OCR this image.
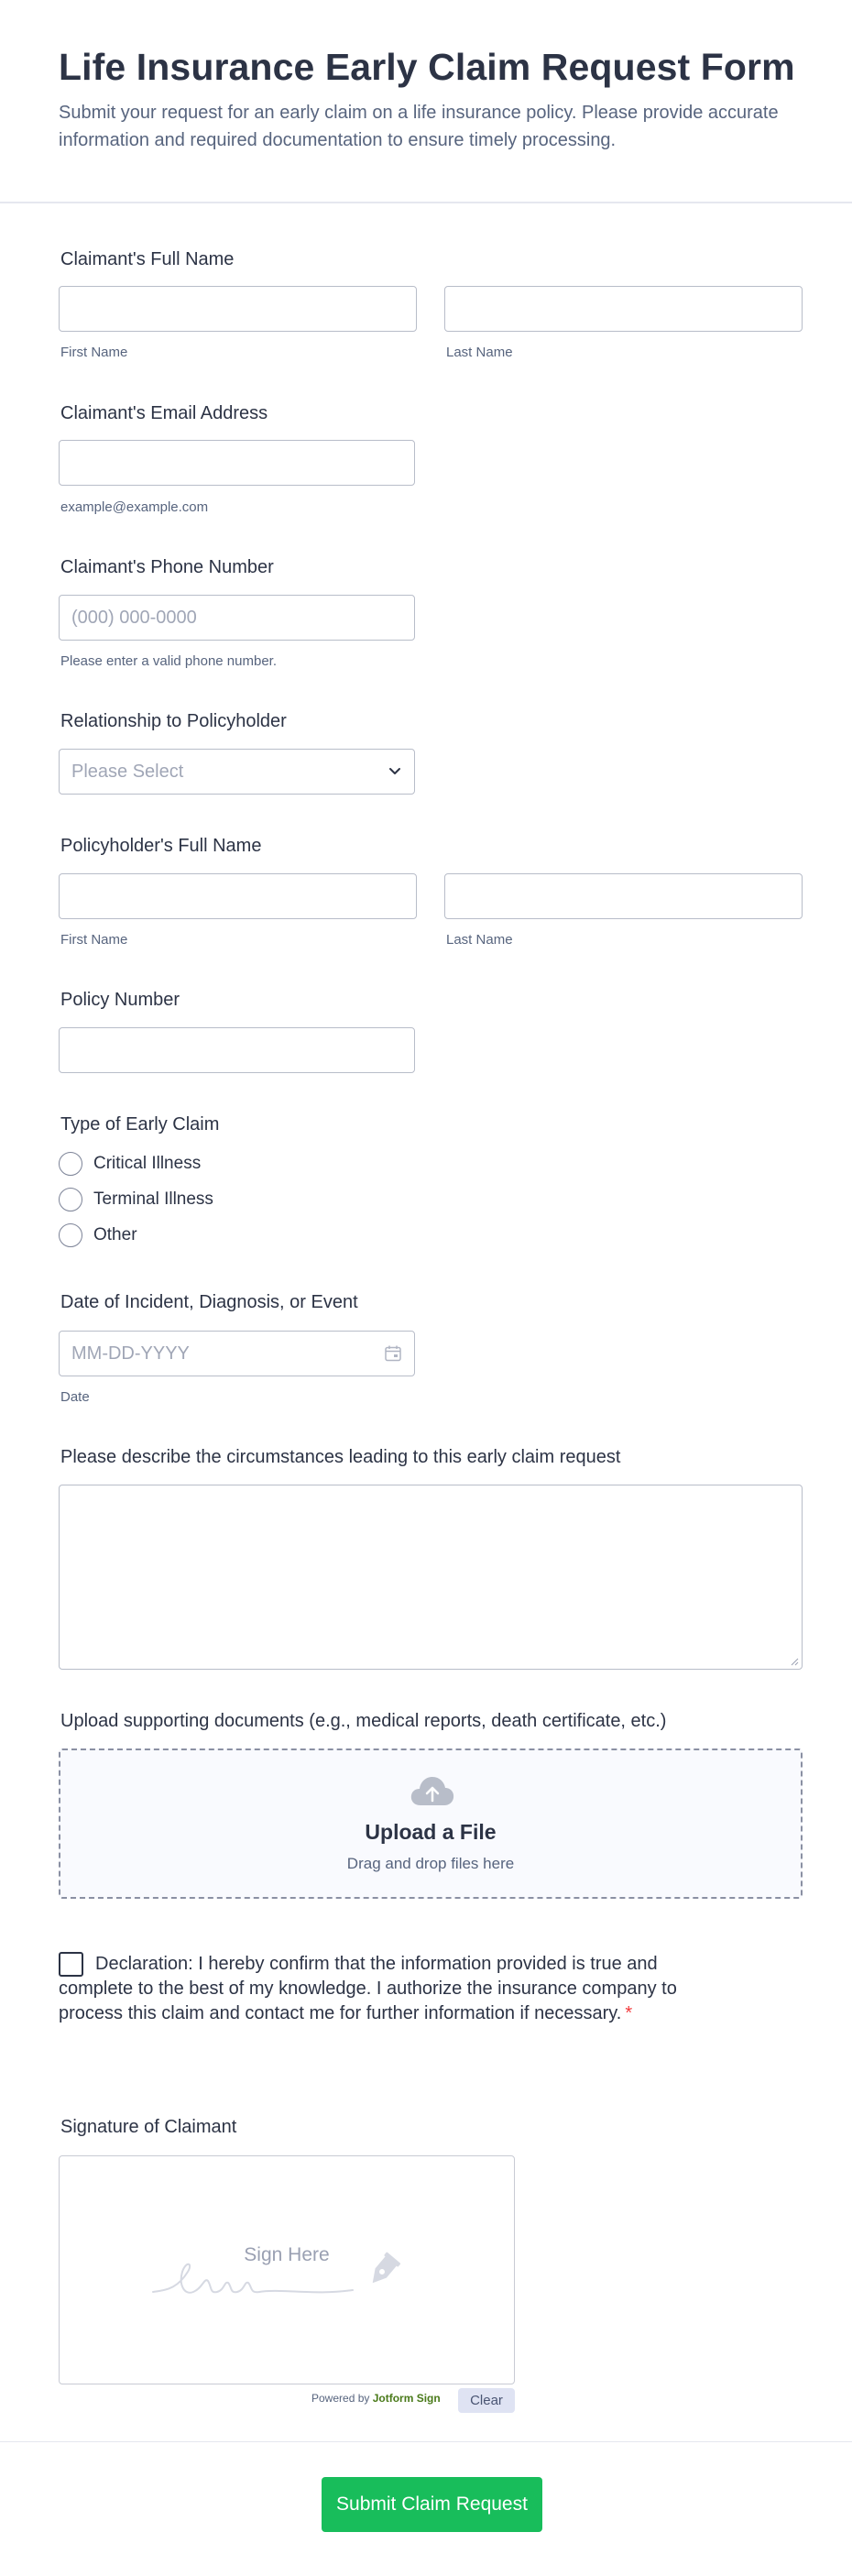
Life Insurance Early Claim Request Form

Submit your request for an early claim on a life insurance policy. Please provide accurate information and required documentation to ensure timely processing.

Claimant's Full Name
First Name	Last Name
Claimant's Email Address
example@example.com
Claimant's Phone Number
(000) 000-0000
Please enter a valid phone number.
Relationship to Policyholder
Please Select
Policyholder's Full Name
First Name	Last Name
Policy Number
Type of Early Claim
Critical Illness
Terminal Illness
Other
Date of Incident, Diagnosis, or Event
MM-DD-YYYY
Date
Please describe the circumstances leading to this early claim request
Upload supporting documents (e.g., medical reports, death certificate, etc.)
Upload a File
Drag and drop files here
Declaration: I hereby confirm that the information provided is true and complete to the best of my knowledge. I authorize the insurance company to process this claim and contact me for further information if necessary. *
Signature of Claimant
Sign Here
Powered by Jotform Sign	Clear
Submit Claim Request
